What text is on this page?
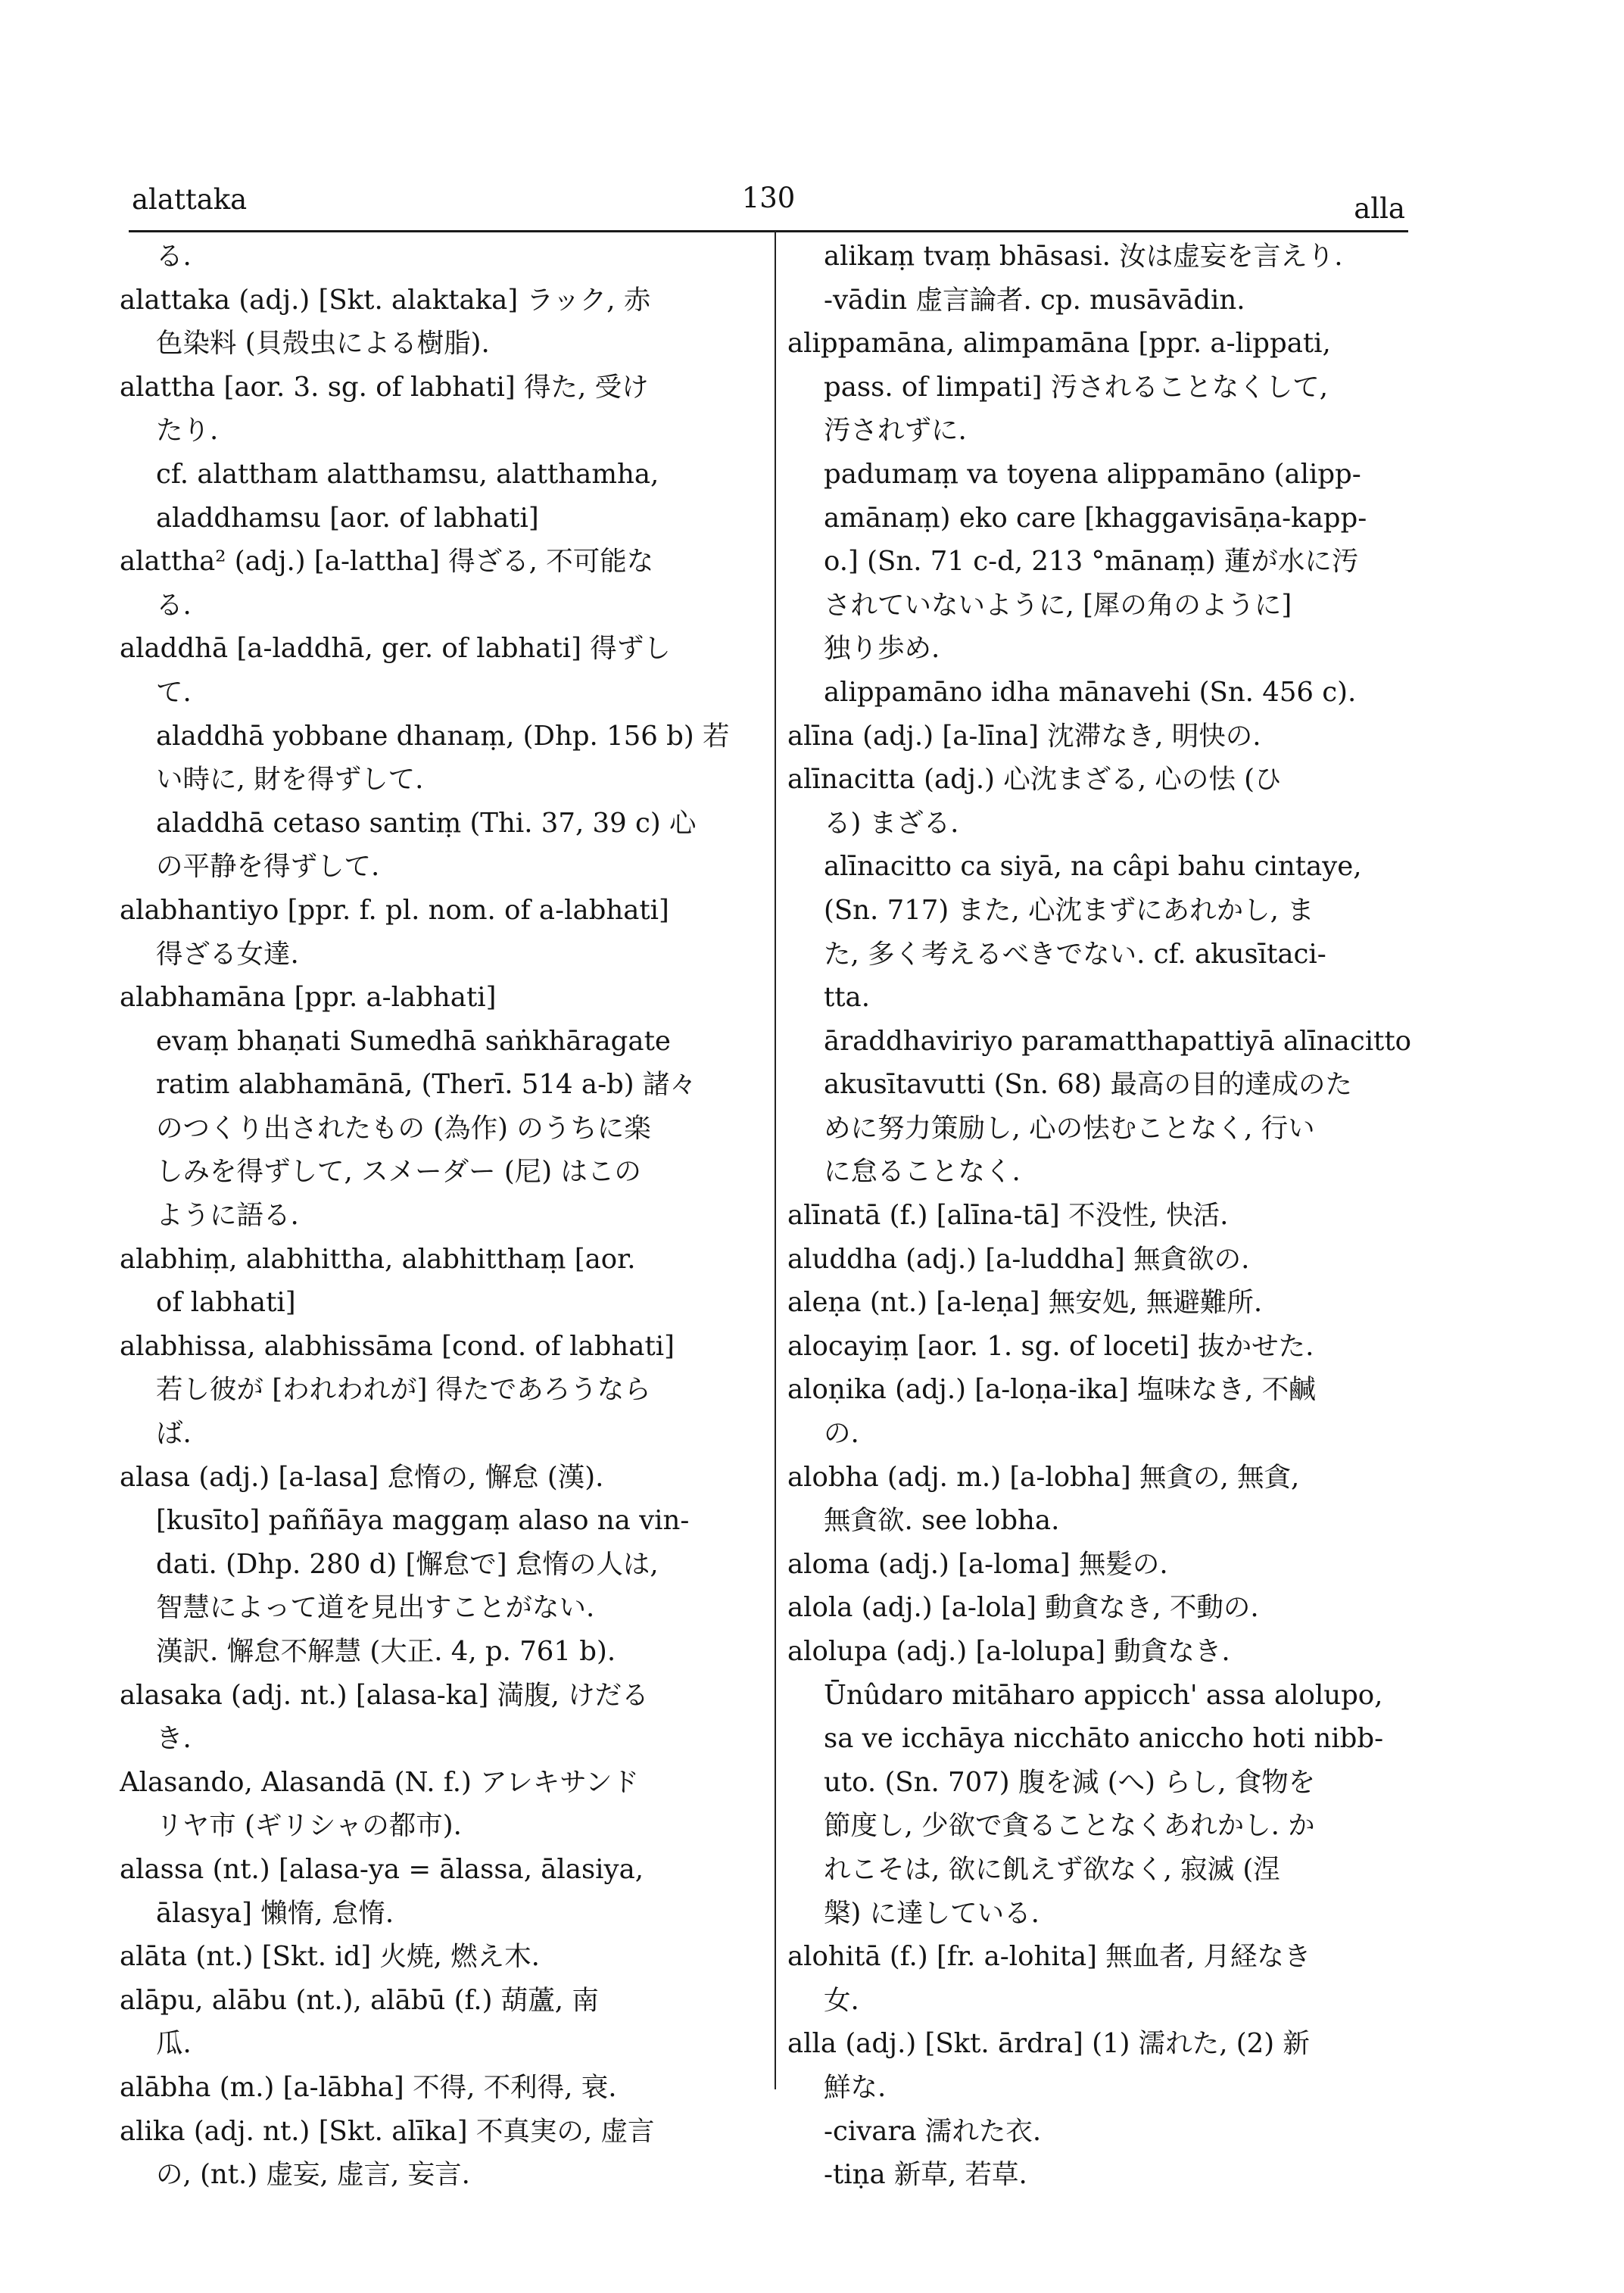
alattaka	130	alla
る.
alattaka (adj.) [Skt. alaktaka] ラック, 赤
色染料 (貝殻虫による樹脂).
alattha [aor. 3. sg. of labhati] 得た, 受け
たり.
cf. alattham alatthamsu, alatthamha,
aladdhamsu [aor. of labhati]
alattha² (adj.) [a-lattha] 得ざる, 不可能な
る.
aladdhā [a-laddhā, ger. of labhati] 得ずし
て.
aladdhā yobbane dhanaṃ, (Dhp. 156 b) 若
い時に, 財を得ずして.
aladdhā cetaso santiṃ (Thi. 37, 39 c) 心
の平静を得ずして.
alabhantiyo [ppr. f. pl. nom. of a-labhati]
得ざる女達.
alabhamāna [ppr. a-labhati]
evaṃ bhaṇati Sumedhā saṅkhāragate
ratim alabhamānā, (Therī. 514 a-b) 諸々
のつくり出されたもの (為作) のうちに楽
しみを得ずして, スメーダー (尼) はこの
ように語る.
alabhiṃ, alabhittha, alabhitthaṃ [aor.
of labhati]
alabhissa, alabhissāma [cond. of labhati]
若し彼が [われわれが] 得たであろうなら
ば.
alasa (adj.) [a-lasa] 怠惰の, 懈怠 (漢).
[kusīto] paññāya maggaṃ alaso na vin-
dati. (Dhp. 280 d) [懈怠で] 怠惰の人は,
智慧によって道を見出すことがない.
漢訳. 懈怠不解慧 (大正. 4, p. 761 b).
alasaka (adj. nt.) [alasa-ka] 満腹, けだる
き.
Alasando, Alasandā (N. f.) アレキサンド
リヤ市 (ギリシャの都市).
alassa (nt.) [alasa-ya = ālassa, ālasiya,
ālasya] 懶惰, 怠惰.
alāta (nt.) [Skt. id] 火焼, 燃え木.
alāpu, alābu (nt.), alābū (f.) 葫蘆, 南
瓜.
alābha (m.) [a-lābha] 不得, 不利得, 衰.
alika (adj. nt.) [Skt. alīka] 不真実の, 虚言
の, (nt.) 虚妄, 虚言, 妄言.
alikaṃ tvaṃ bhāsasi. 汝は虚妄を言えり.
-vādin 虚言論者. cp. musāvādin.
alippamāna, alimpamāna [ppr. a-lippati,
pass. of limpati] 汚されることなくして,
汚されずに.
padumaṃ va toyena alippamāno (alipp-
amānaṃ) eko care [khaggavisāṇa-kapp-
o.] (Sn. 71 c-d, 213 °mānaṃ) 蓮が水に汚
されていないように, [犀の角のように]
独り歩め.
alippamāno idha mānavehi (Sn. 456 c).
alīna (adj.) [a-līna] 沈滞なき, 明快の.
alīnacitta (adj.) 心沈まざる, 心の怯 (ひ
る) まざる.
alīnacitto ca siyā, na câpi bahu cintaye,
(Sn. 717) また, 心沈まずにあれかし, ま
た, 多く考えるべきでない. cf. akusītaci-
tta.
āraddhaviriyo paramatthapattiyā alīnacitto
akusītavutti (Sn. 68) 最高の目的達成のた
めに努力策励し, 心の怯むことなく, 行い
に怠ることなく.
alīnatā (f.) [alīna-tā] 不没性, 快活.
aluddha (adj.) [a-luddha] 無貪欲の.
aleṇa (nt.) [a-leṇa] 無安処, 無避難所.
alocayiṃ [aor. 1. sg. of loceti] 抜かせた.
aloṇika (adj.) [a-loṇa-ika] 塩味なき, 不鹹
の.
alobha (adj. m.) [a-lobha] 無貪の, 無貪,
無貪欲. see lobha.
aloma (adj.) [a-loma] 無髪の.
alola (adj.) [a-lola] 動貪なき, 不動の.
alolupa (adj.) [a-lolupa] 動貪なき.
Ūnûdaro mitāharo appicch' assa alolupo,
sa ve icchāya nicchāto aniccho hoti nibb-
uto. (Sn. 707) 腹を減 (へ) らし, 食物を
節度し, 少欲で貪ることなくあれかし. か
れこそは, 欲に飢えず欲なく, 寂滅 (涅
槃) に達している.
alohitā (f.) [fr. a-lohita] 無血者, 月経なき
女.
alla (adj.) [Skt. ārdra] (1) 濡れた, (2) 新
鮮な.
-civara 濡れた衣.
-tiṇa 新草, 若草.
